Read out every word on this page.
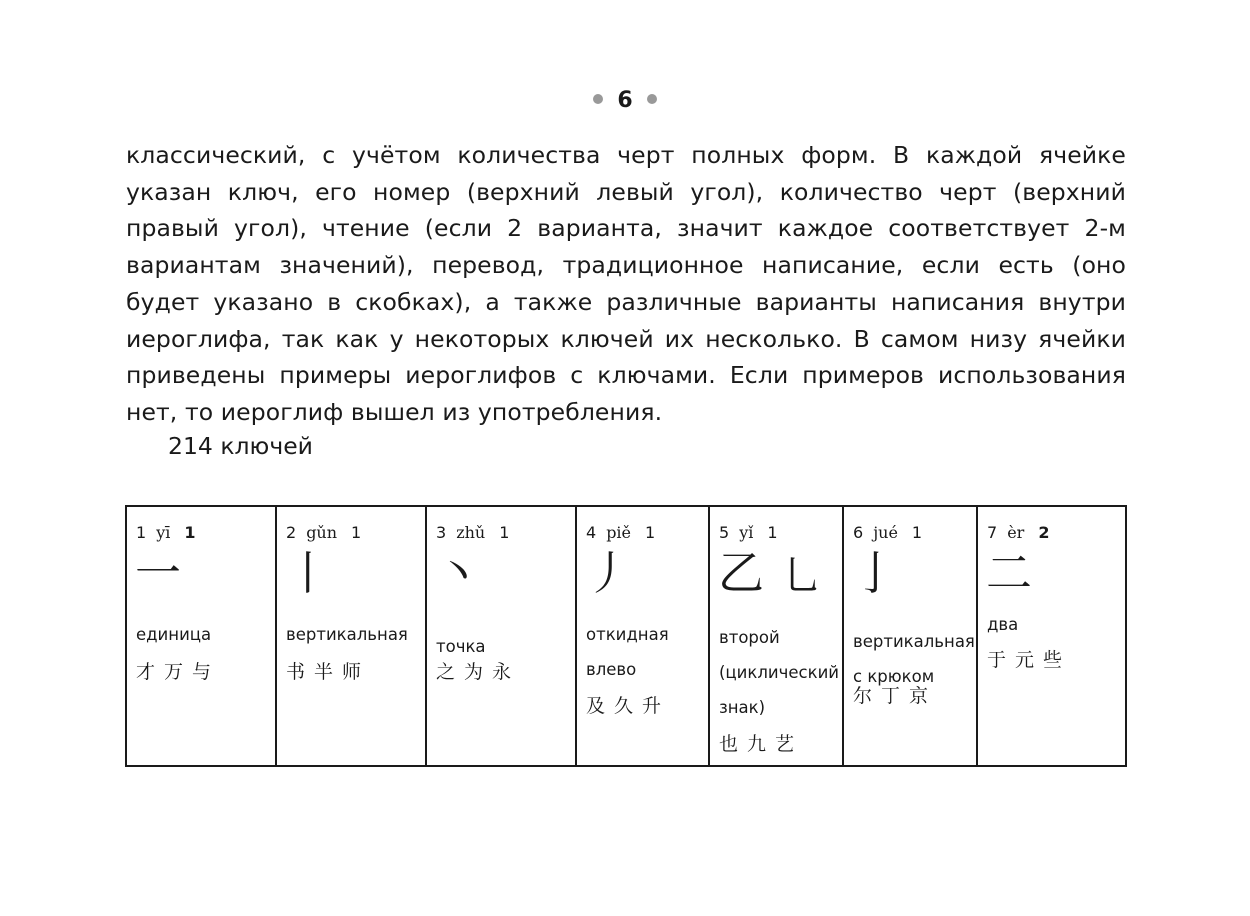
6

классический, с учётом количества черт полных форм. В каждой ячейке указан ключ, его номер (верхний левый угол), количество черт (верхний правый угол), чтение (если 2 варианта, значит каждое соответствует 2-м вариантам значений), перевод, традиционное написание, если есть (оно будет указано в скобках), а также различные варианты написания внутри иероглифа, так как у некоторых ключей их несколько. В самом низу ячейки приведены примеры иероглифов с ключами. Если примеров использования нет, то иероглиф вышел из употребления.

214 ключей
1 yī 1
一
единица
才万与

2 gǔn 1
丨
вертикальная
书半师

3 zhǔ 1
丶
точка
之为永

4 piě 1
丿
откидная влево
及久升

5 yǐ 1
乙 乚
второй (циклический знак)
也九艺

6 jué 1
亅
вертикальная с крюком
尔丁京

7 èr 2
二
два
于元些
